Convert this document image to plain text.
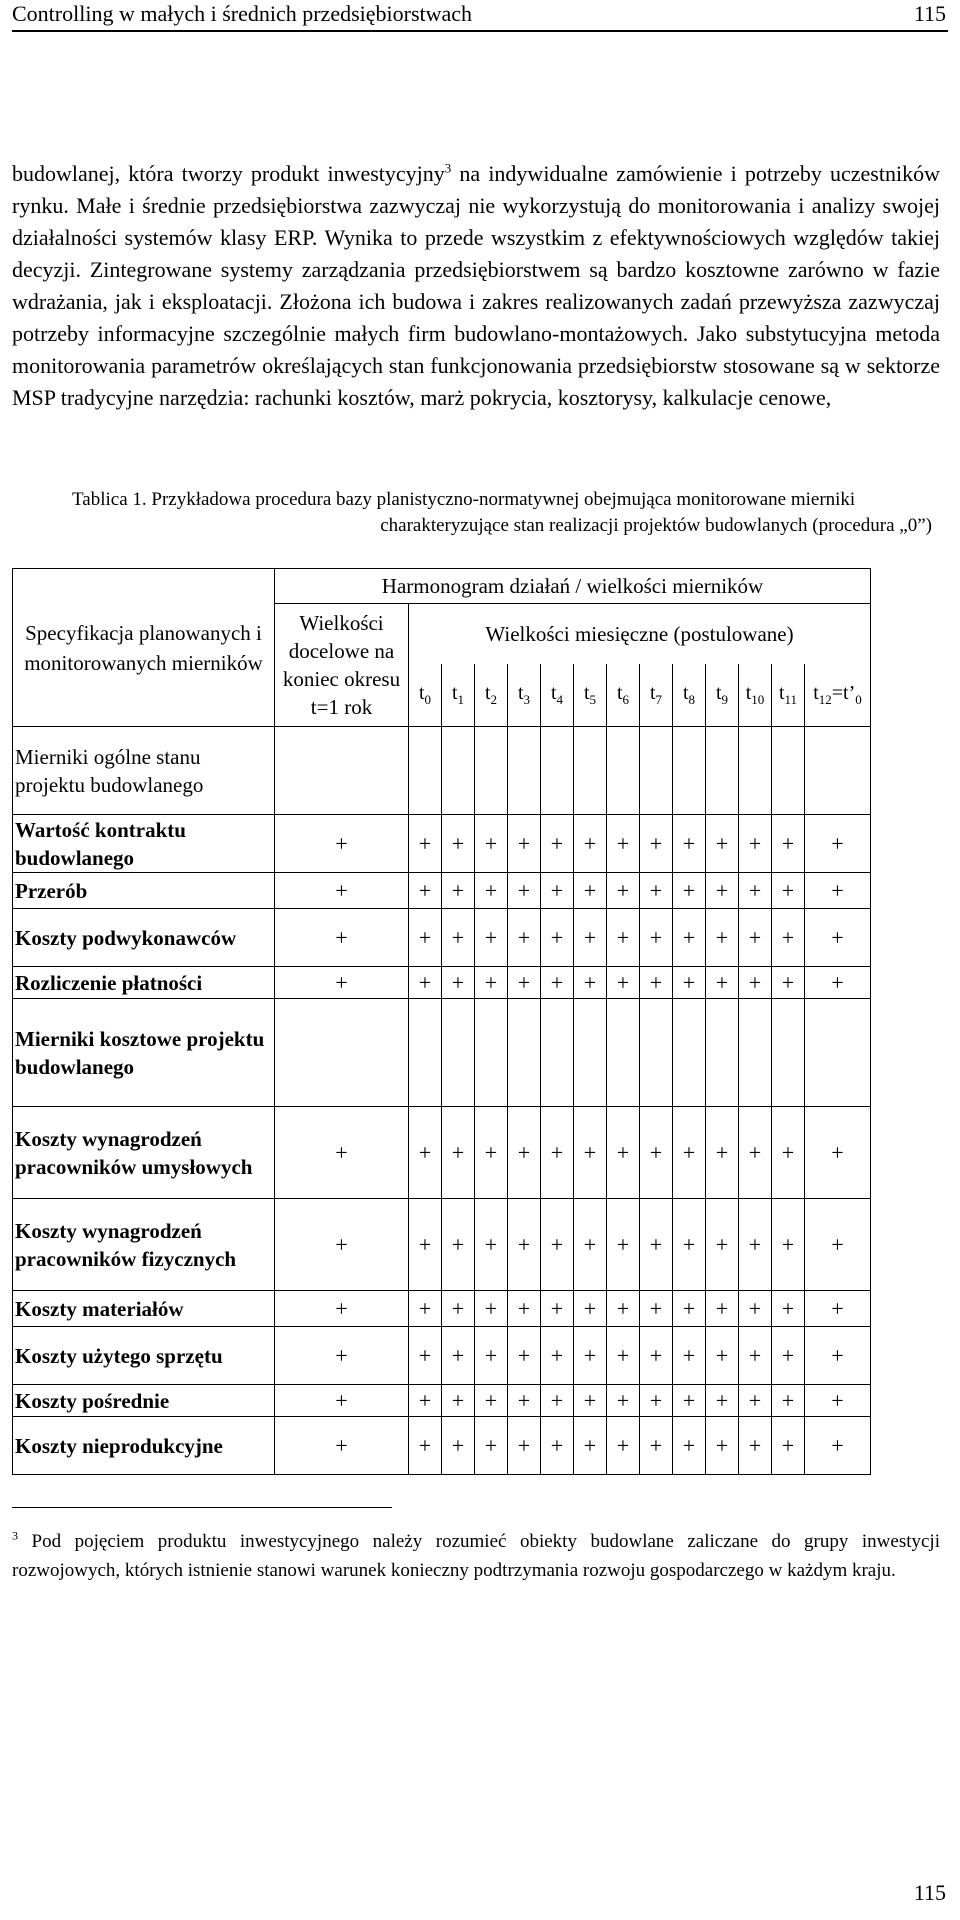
Controlling w małych i średnich przedsiębiorstwach	115

budowlanej, która tworzy produkt inwestycyjny$^3$ na indywidualne zamówienie i potrzeby uczestników rynku. Małe i średnie przedsiębiorstwa zazwyczaj nie wykorzystują do monitorowania i analizy swojej działalności systemów klasy ERP. Wynika to przede wszystkim z efektywnościowych względów takiej decyzji. Zintegrowane systemy zarządzania przedsiębiorstwem są bardzo kosztowne zarówno w fazie wdrażania, jak i eksploatacji. Złożona ich budowa i zakres realizowanych zadań przewyższa zazwyczaj potrzeby informacyjne szczególnie małych firm budowlano-montażowych. Jako substytucyjna metoda monitorowania parametrów określających stan funkcjonowania przedsiębiorstw stosowane są w sektorze MSP tradycyjne narzędzia: rachunki kosztów, marż pokrycia, kosztorysy, kalkulacje cenowe,

Tablica 1. Przykładowa procedura bazy planistyczno-normatywnej obejmująca monitorowane mierniki
charakteryzujące stan realizacji projektów budowlanych (procedura „0”)
Specyfikacja planowanych i monitorowanych mierników	Harmonogram działań / wielkości mierników													
	Wielkości docelowe na koniec okresu t=1 rok	Wielkości miesięczne (postulowane)												
		$t_0$	$t_1$	$t_2$	$t_3$	$t_4$	$t_5$	$t_6$	$t_7$	$t_8$	$t_9$	$t_{10}$	$t_{11}$	$t_{12}=t’_0$
Mierniki ogólne stanu projektu budowlanego														
Wartość kontraktu budowlanego	+	+	+	+	+	+	+	+	+	+	+	+	+	+
Przerób	+	+	+	+	+	+	+	+	+	+	+	+	+	+
Koszty podwykonawców	+	+	+	+	+	+	+	+	+	+	+	+	+	+
Rozliczenie płatności	+	+	+	+	+	+	+	+	+	+	+	+	+	+
Mierniki kosztowe projektu budowlanego														
Koszty wynagrodzeń pracowników umysłowych	+	+	+	+	+	+	+	+	+	+	+	+	+	+
Koszty wynagrodzeń pracowników fizycznych	+	+	+	+	+	+	+	+	+	+	+	+	+	+
Koszty materiałów	+	+	+	+	+	+	+	+	+	+	+	+	+	+
Koszty użytego sprzętu	+	+	+	+	+	+	+	+	+	+	+	+	+	+
Koszty pośrednie	+	+	+	+	+	+	+	+	+	+	+	+	+	+
Koszty nieprodukcyjne	+	+	+	+	+	+	+	+	+	+	+	+	+	+

$^3$ Pod pojęciem produktu inwestycyjnego należy rozumieć obiekty budowlane zaliczane do grupy inwestycji rozwojowych, których istnienie stanowi warunek konieczny podtrzymania rozwoju gospodarczego w każdym kraju.

115
